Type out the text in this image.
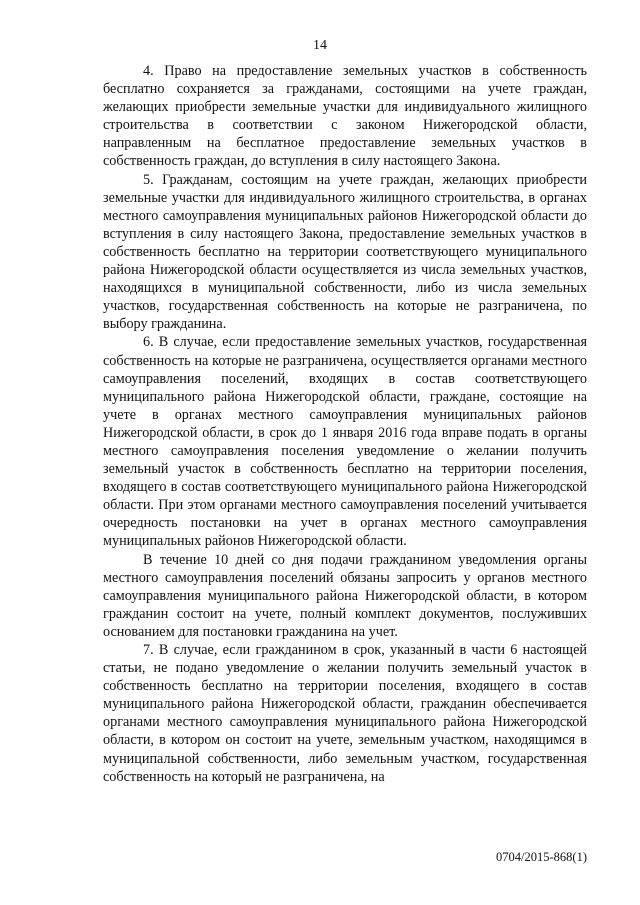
14

4. Право на предоставление земельных участков в собственность бесплатно сохраняется за гражданами, состоящими на учете граждан, желающих приобрести земельные участки для индивидуального жилищного строительства в соответствии с законом Нижегородской области, направленным на бесплатное предоставление земельных участков в собственность граждан, до вступления в силу настоящего Закона.

5. Гражданам, состоящим на учете граждан, желающих приобрести земельные участки для индивидуального жилищного строительства, в органах местного самоуправления муниципальных районов Нижегородской области до вступления в силу настоящего Закона, предоставление земельных участков в собственность бесплатно на территории соответствующего муниципального района Нижегородской области осуществляется из числа земельных участков, находящихся в муниципальной собственности, либо из числа земельных участков, государственная собственность на которые не разграничена, по выбору гражданина.

6. В случае, если предоставление земельных участков, государственная собственность на которые не разграничена, осуществляется органами местного самоуправления поселений, входящих в состав соответствующего муниципального района Нижегородской области, граждане, состоящие на учете в органах местного самоуправления муниципальных районов Нижегородской области, в срок до 1 января 2016 года вправе подать в органы местного самоуправления поселения уведомление о желании получить земельный участок в собственность бесплатно на территории поселения, входящего в состав соответствующего муниципального района Нижегородской области. При этом органами местного самоуправления поселений учитывается очередность постановки на учет в органах местного самоуправления муниципальных районов Нижегородской области.

В течение 10 дней со дня подачи гражданином уведомления органы местного самоуправления поселений обязаны запросить у органов местного самоуправления муниципального района Нижегородской области, в котором гражданин состоит на учете, полный комплект документов, послуживших основанием для постановки гражданина на учет.

7. В случае, если гражданином в срок, указанный в части 6 настоящей статьи, не подано уведомление о желании получить земельный участок в собственность бесплатно на территории поселения, входящего в состав муниципального района Нижегородской области, гражданин обеспечивается органами местного самоуправления муниципального района Нижегородской области, в котором он состоит на учете, земельным участком, находящимся в муниципальной собственности, либо земельным участком, государственная собственность на который не разграничена, на

0704/2015-868(1)
